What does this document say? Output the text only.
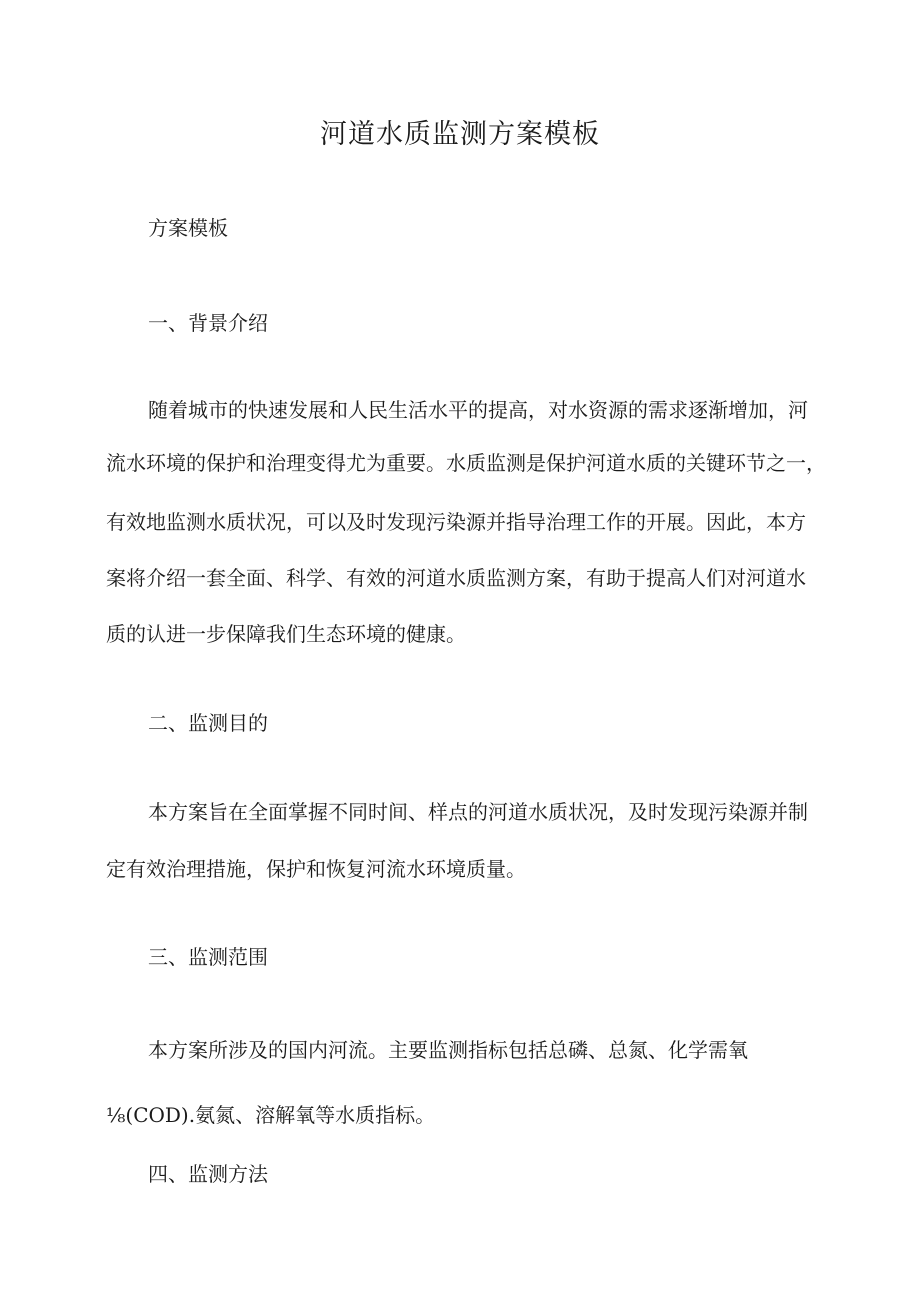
河道水质监测方案模板

方案模板

一、背景介绍

随着城市的快速发展和人民生活水平的提高，对水资源的需求逐渐增加，河

流水环境的保护和治理变得尤为重要。水质监测是保护河道水质的关键环节之一，

有效地监测水质状况，可以及时发现污染源并指导治理工作的开展。因此，本方

案将介绍一套全面、科学、有效的河道水质监测方案，有助于提高人们对河道水

质的认进一步保障我们生态环境的健康。

二、监测目的

本方案旨在全面掌握不同时间、样点的河道水质状况，及时发现污染源并制

定有效治理措施，保护和恢复河流水环境质量。

三、监测范围

本方案所涉及的国内河流。主要监测指标包括总磷、总氮、化学需氧

⅛(COD).氨氮、溶解氧等水质指标。

四、监测方法
